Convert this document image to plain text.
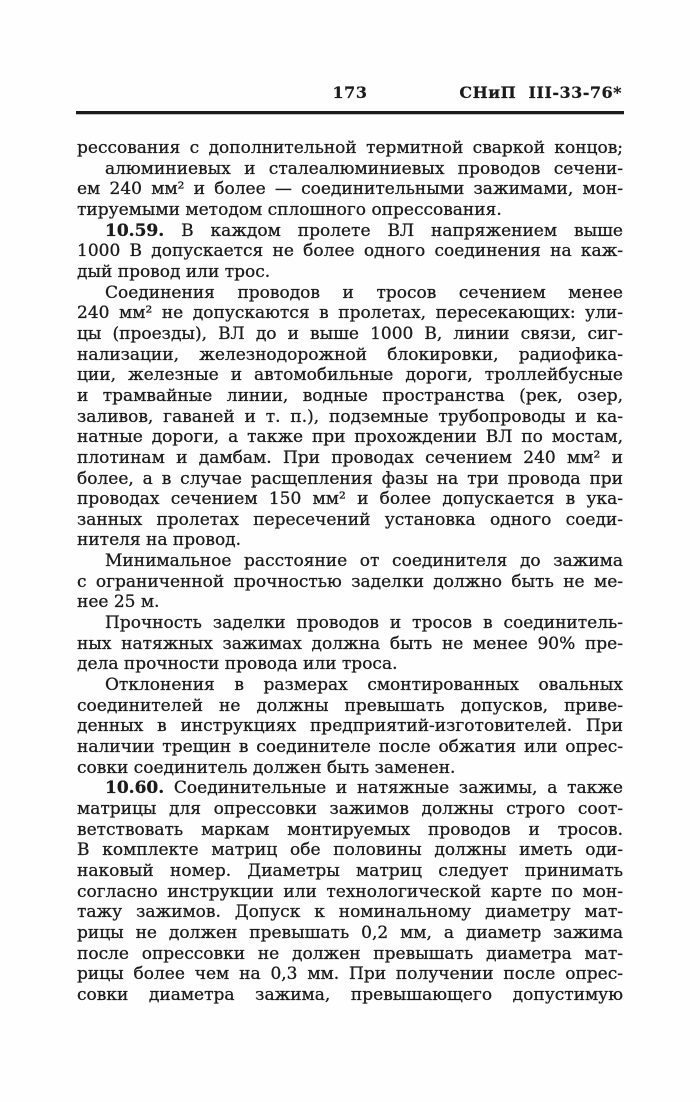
173	СНиП  III-33-76*
рессования с дополнительной термитной сваркой концов;
алюминиевых и сталеалюминиевых проводов сечени-
ем 240 мм² и более — соединительными зажимами, мон-
тируемыми методом сплошного опрессования.
10.59. В каждом пролете ВЛ напряжением выше
1000 В допускается не более одного соединения на каж-
дый провод или трос.
Соединения проводов и тросов сечением менее
240 мм² не допускаются в пролетах, пересекающих: ули-
цы (проезды), ВЛ до и выше 1000 В, линии связи, сиг-
нализации, железнодорожной блокировки, радиофика-
ции, железные и автомобильные дороги, троллейбусные
и трамвайные линии, водные пространства (рек, озер,
заливов, гаваней и т. п.), подземные трубопроводы и ка-
натные дороги, а также при прохождении ВЛ по мостам,
плотинам и дамбам. При проводах сечением 240 мм² и
более, а в случае расщепления фазы на три провода при
проводах сечением 150 мм² и более допускается в ука-
занных пролетах пересечений установка одного соеди-
нителя на провод.
Минимальное расстояние от соединителя до зажима
с ограниченной прочностью заделки должно быть не ме-
нее 25 м.
Прочность заделки проводов и тросов в соединитель-
ных натяжных зажимах должна быть не менее 90% пре-
дела прочности провода или троса.
Отклонения в размерах смонтированных овальных
соединителей не должны превышать допусков, приве-
денных в инструкциях предприятий-изготовителей. При
наличии трещин в соединителе после обжатия или опрес-
совки соединитель должен быть заменен.
10.60. Соединительные и натяжные зажимы, а также
матрицы для опрессовки зажимов должны строго соот-
ветствовать маркам монтируемых проводов и тросов.
В комплекте матриц обе половины должны иметь оди-
наковый номер. Диаметры матриц следует принимать
согласно инструкции или технологической карте по мон-
тажу зажимов. Допуск к номинальному диаметру мат-
рицы не должен превышать 0,2 мм, а диаметр зажима
после опрессовки не должен превышать диаметра мат-
рицы более чем на 0,3 мм. При получении после опрес-
совки диаметра зажима, превышающего допустимую
